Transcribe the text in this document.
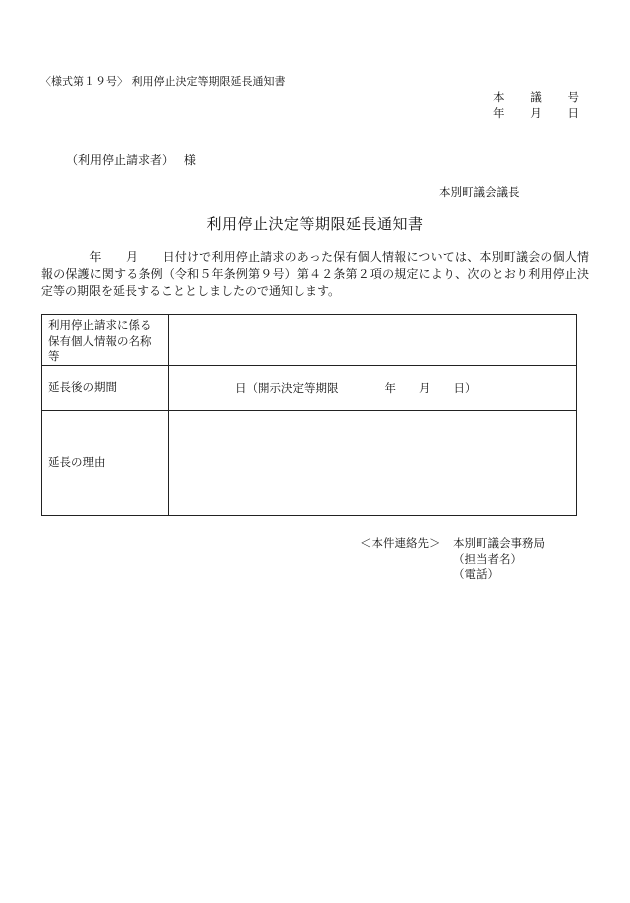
〈様式第１９号〉 利用停止決定等期限延長通知書
本 議 号
年 月 日
（利用停止請求者）　 様
本別町議会議長
利用停止決定等期限延長通知書

　　年　　月　　日付けで利用停止請求のあった保有個人情報については、本別町議会の個人情報の保護に関する条例（令和５年条例第９号）第４２条第２項の規定により、次のとおり利用停止決定等の期限を延長することとしましたので通知します。

利用停止請求に係る保有個人情報の名称等	
延長後の期間	日（開示決定等期限　　　　年　　月　　日）
延長の理由	
＜本件連絡先＞	本別町議会事務局
（担当者名）
（電話）
